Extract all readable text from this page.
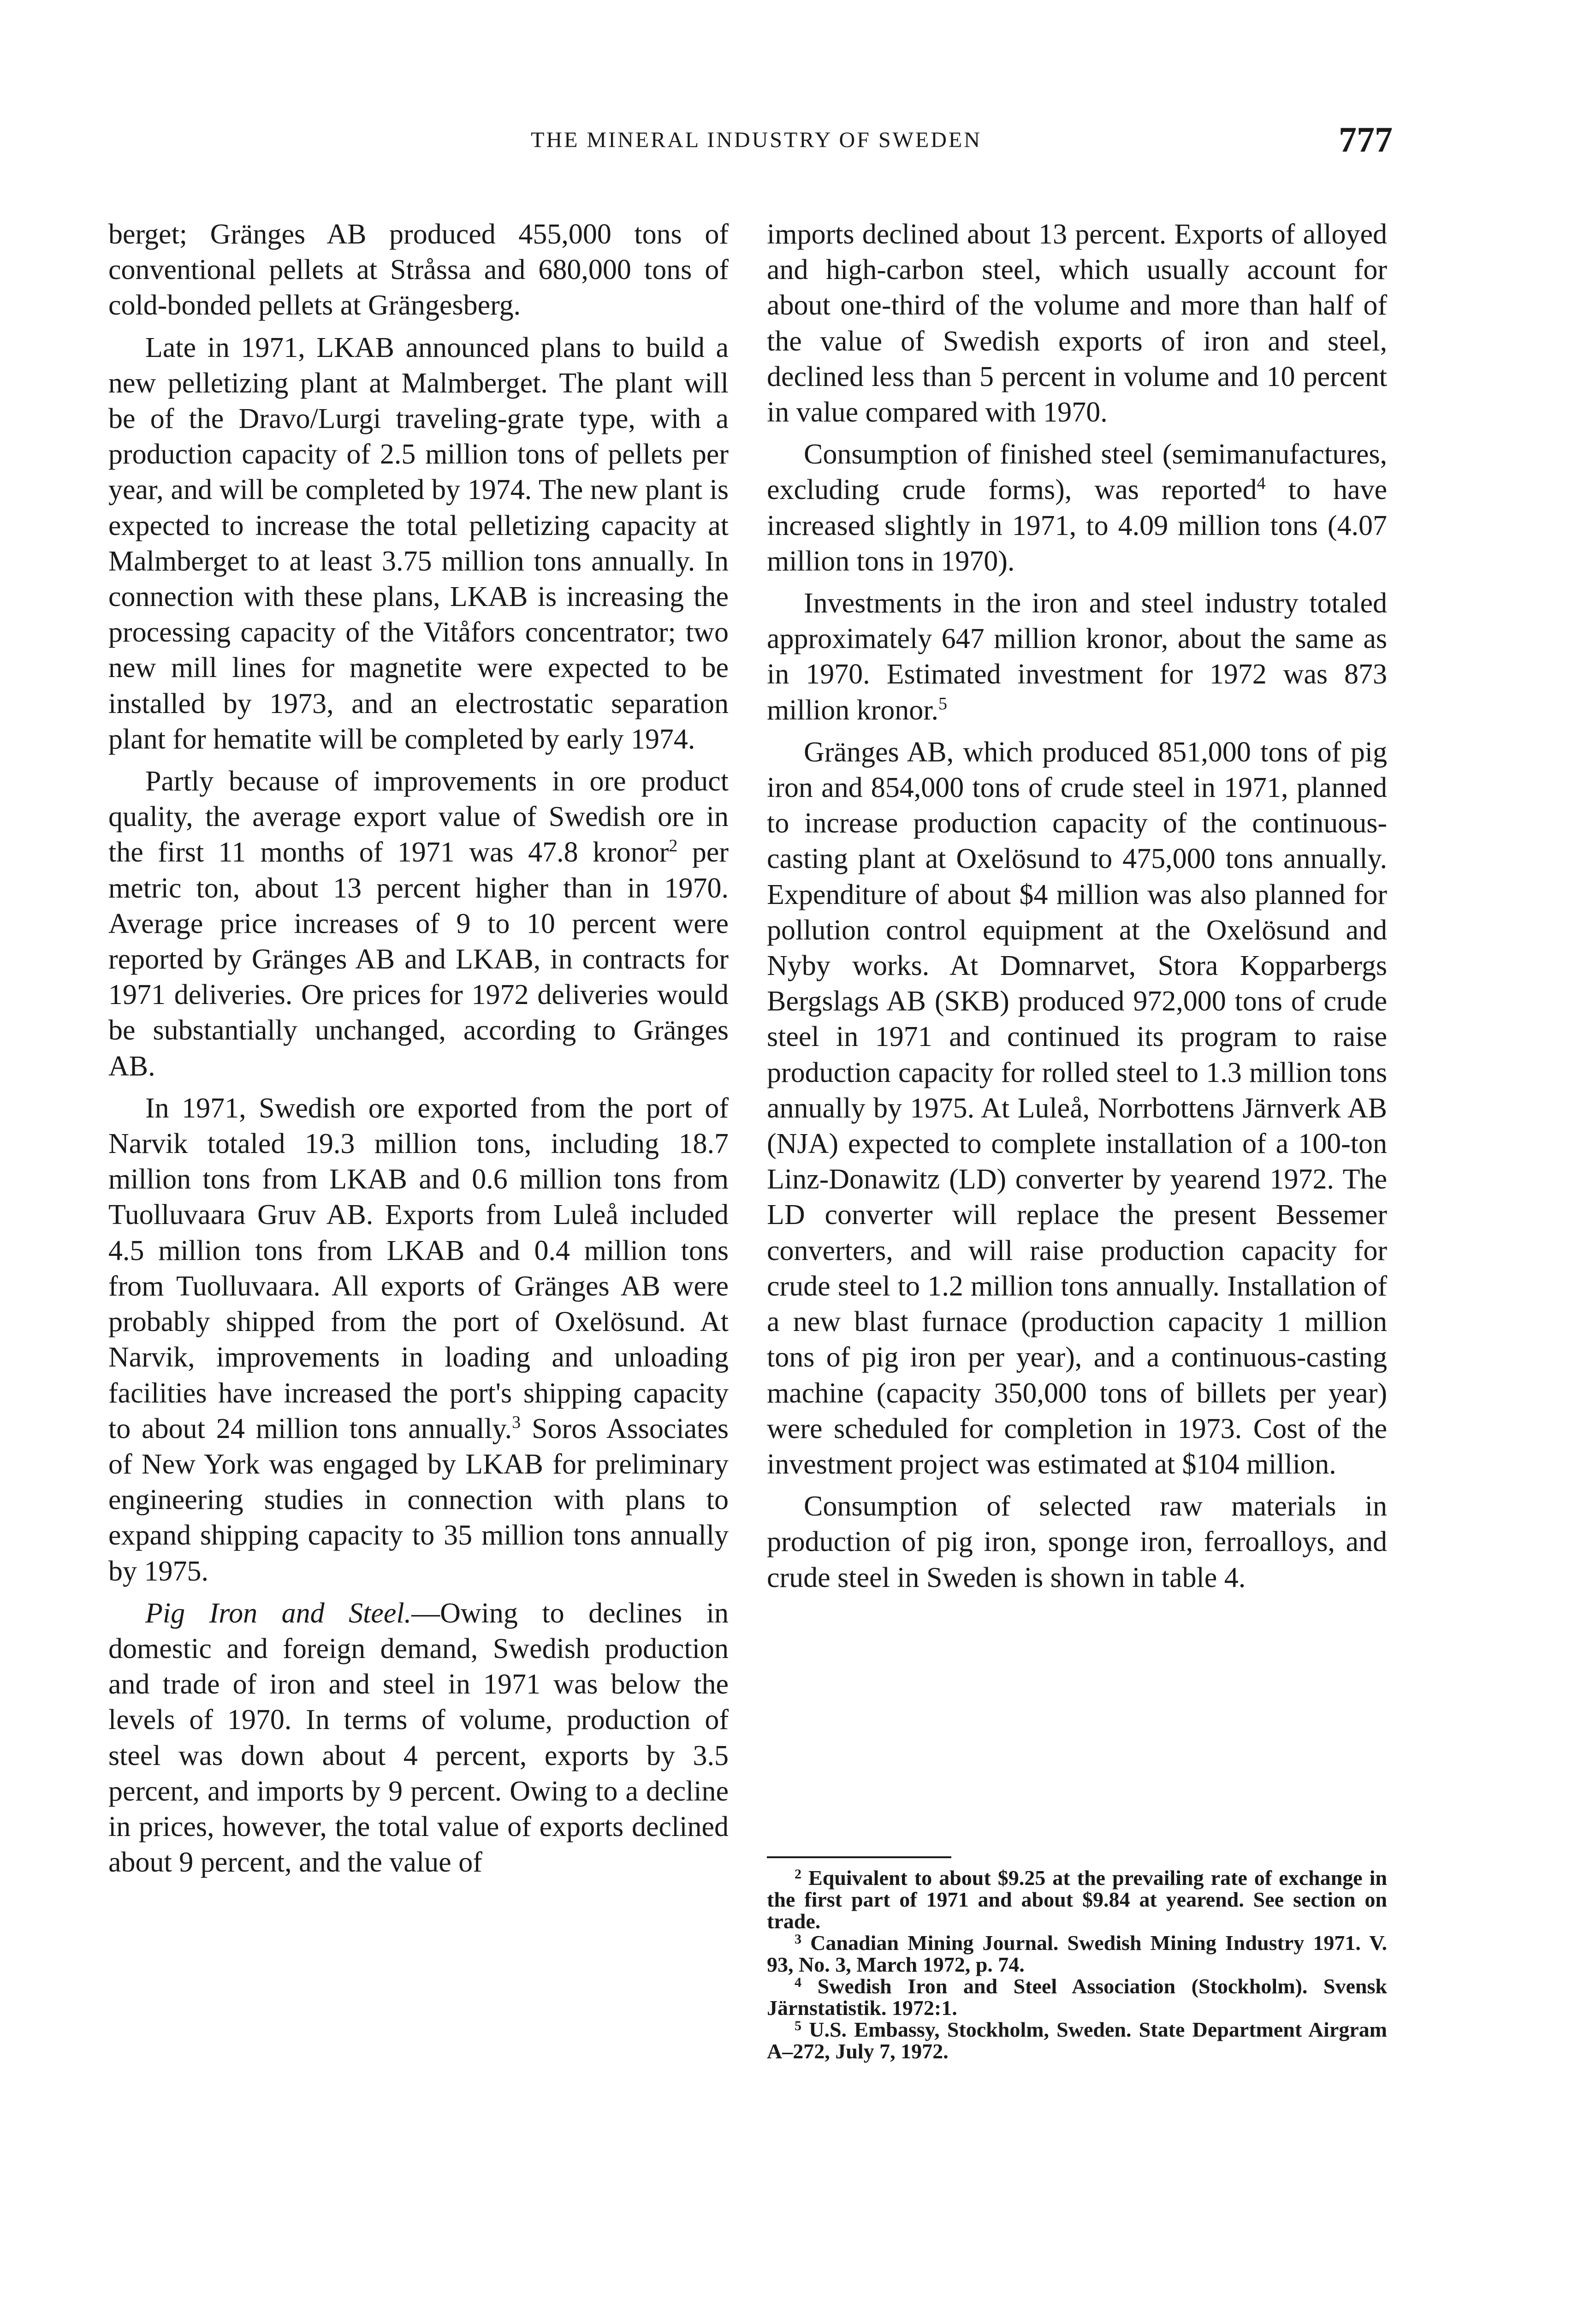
THE MINERAL INDUSTRY OF SWEDEN	777

berget; Gränges AB produced 455,000 tons of conventional pellets at Stråssa and 680,000 tons of cold-bonded pellets at Grängesberg.

Late in 1971, LKAB announced plans to build a new pelletizing plant at Malmberget. The plant will be of the Dravo/Lurgi traveling-grate type, with a production capacity of 2.5 million tons of pellets per year, and will be completed by 1974. The new plant is expected to increase the total pelletizing capacity at Malmberget to at least 3.75 million tons annually. In connection with these plans, LKAB is increasing the processing capacity of the Vitåfors concentrator; two new mill lines for magnetite were expected to be installed by 1973, and an electrostatic separation plant for hematite will be completed by early 1974.

Partly because of improvements in ore product quality, the average export value of Swedish ore in the first 11 months of 1971 was 47.8 kronor$^2$ per metric ton, about 13 percent higher than in 1970. Average price increases of 9 to 10 percent were reported by Gränges AB and LKAB, in contracts for 1971 deliveries. Ore prices for 1972 deliveries would be substantially unchanged, according to Gränges AB.

In 1971, Swedish ore exported from the port of Narvik totaled 19.3 million tons, including 18.7 million tons from LKAB and 0.6 million tons from Tuolluvaara Gruv AB. Exports from Luleå included 4.5 million tons from LKAB and 0.4 million tons from Tuolluvaara. All exports of Gränges AB were probably shipped from the port of Oxelösund. At Narvik, improvements in loading and unloading facilities have increased the port's shipping capacity to about 24 million tons annually.$^3$ Soros Associates of New York was engaged by LKAB for preliminary engineering studies in connection with plans to expand shipping capacity to 35 million tons annually by 1975.

Pig Iron and Steel.—Owing to declines in domestic and foreign demand, Swedish production and trade of iron and steel in 1971 was below the levels of 1970. In terms of volume, production of steel was down about 4 percent, exports by 3.5 percent, and imports by 9 percent. Owing to a decline in prices, however, the total value of exports declined about 9 percent, and the value of

imports declined about 13 percent. Exports of alloyed and high-carbon steel, which usually account for about one-third of the volume and more than half of the value of Swedish exports of iron and steel, declined less than 5 percent in volume and 10 percent in value compared with 1970.

Consumption of finished steel (semimanufactures, excluding crude forms), was reported$^4$ to have increased slightly in 1971, to 4.09 million tons (4.07 million tons in 1970).

Investments in the iron and steel industry totaled approximately 647 million kronor, about the same as in 1970. Estimated investment for 1972 was 873 million kronor.$^5$

Gränges AB, which produced 851,000 tons of pig iron and 854,000 tons of crude steel in 1971, planned to increase production capacity of the continuous-casting plant at Oxelösund to 475,000 tons annually. Expenditure of about $4 million was also planned for pollution control equipment at the Oxelösund and Nyby works. At Domnarvet, Stora Kopparbergs Bergslags AB (SKB) produced 972,000 tons of crude steel in 1971 and continued its program to raise production capacity for rolled steel to 1.3 million tons annually by 1975. At Luleå, Norrbottens Järnverk AB (NJA) expected to complete installation of a 100-ton Linz-Donawitz (LD) converter by yearend 1972. The LD converter will replace the present Bessemer converters, and will raise production capacity for crude steel to 1.2 million tons annually. Installation of a new blast furnace (production capacity 1 million tons of pig iron per year), and a continuous-casting machine (capacity 350,000 tons of billets per year) were scheduled for completion in 1973. Cost of the investment project was estimated at $104 million.

Consumption of selected raw materials in production of pig iron, sponge iron, ferroalloys, and crude steel in Sweden is shown in table 4.

$^2$ Equivalent to about $9.25 at the prevailing rate of exchange in the first part of 1971 and about $9.84 at yearend. See section on trade.

$^3$ Canadian Mining Journal. Swedish Mining Industry 1971. V. 93, No. 3, March 1972, p. 74.

$^4$ Swedish Iron and Steel Association (Stockholm). Svensk Järnstatistik. 1972:1.

$^5$ U.S. Embassy, Stockholm, Sweden. State Department Airgram A–272, July 7, 1972.
